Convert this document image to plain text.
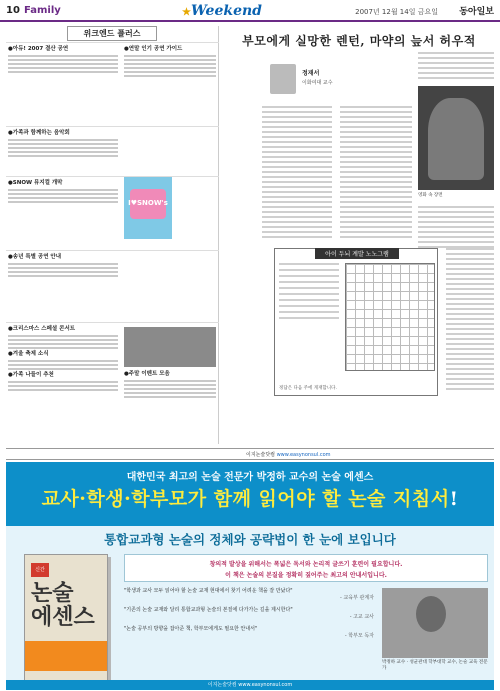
10 Family	★Weekend	2007년 12월 14일 금요일 동아일보
위크엔드 플러스
●아듀! 2007 결산 공연	●연말 인기 공연 가이드
●가족과 함께하는 음악회
●SNOW 뮤지컬 개막
I♥SNOW's
●송년 특별 공연 안내
●크리스마스 스페셜 콘서트
●겨울 축제 소식
●가족 나들이 추천	●주말 이벤트 모음
부모에게 실망한 렌턴, 마약의 늪서 허우적
정재서
이화여대 교수
영화 속 장면
아이 두뇌 계발 노노그램
정답은 다음 주에 게재합니다.
이지논술닷컴 www.easynonsul.com
대한민국 최고의 논술 전문가 박정하 교수의 논술 에센스
교사·학생·학부모가 함께 읽어야 할 논술 지침서!
통합교과형 논술의 정체와 공략법이 한 눈에 보입니다
신간
논술 에센스
창의적 발상을 위해서는 폭넓은 독서와 논리적 글쓰기 훈련이 필요합니다.
이 책은 논술의 본질을 정확히 짚어주는 최고의 안내서입니다.
"학생과 교사 모두 읽어야 할 논술 교재 현대에서 찾기 어려운 책을 잘 만났다"
- 교육부 관계자
"기존의 논술 교재와 달리 통합교과형 논술의 본질에 다가가는 길을 제시한다"
- 고교 교사
"논술 공부의 방향을 잡아준 책, 학부모에게도 필요한 안내서"
- 학부모 독자
박정하 교수 · 성균관대 학부대학 교수, 논술 교육 전문가
이지논술닷컴 www.easynonsul.com
